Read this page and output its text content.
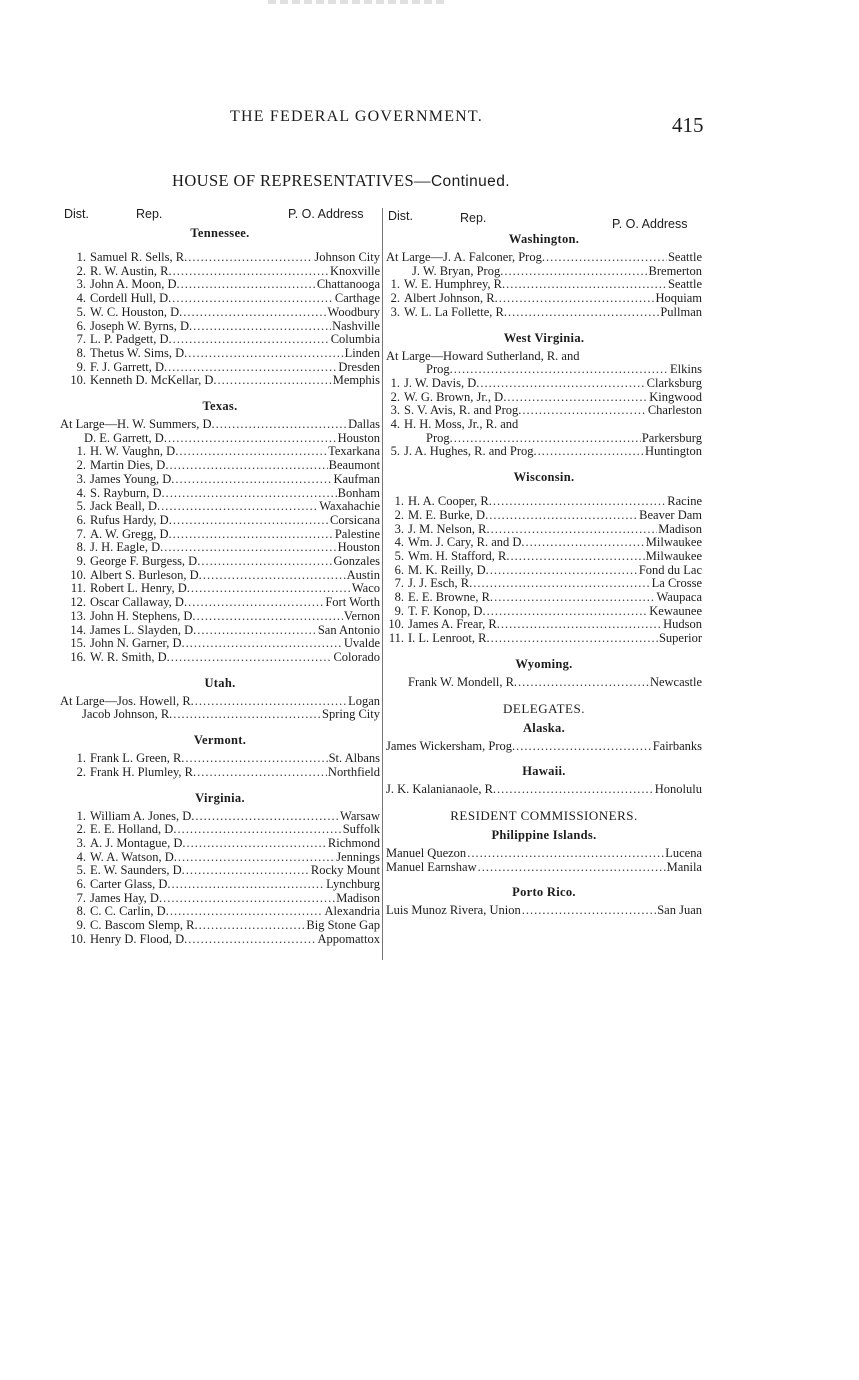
THE FEDERAL GOVERNMENT.	415
HOUSE OF REPRESENTATIVES—Continued.
Dist.	Rep.	P. O. Address Dist.	Rep.	P. O. Address
Tennessee.
1. Samuel R. Sells, R. .....	Johnson City
2. R. W. Austin, R. .....	Knoxville
3. John A. Moon, D. .....	Chattanooga
4. Cordell Hull, D. .....	Carthage
5. W. C. Houston, D. .....	Woodbury
6. Joseph W. Byrns, D. .....	Nashville
7. L. P. Padgett, D. .....	Columbia
8. Thetus W. Sims, D. .....	Linden
9. F. J. Garrett, D. .....	Dresden
10. Kenneth D. McKellar, D. .....	Memphis
Texas.
At Large—H. W. Summers, D. .....	Dallas
D. E. Garrett, D. .....	Houston
1. H. W. Vaughn, D. .....	Texarkana
2. Martin Dies, D. .....	Beaumont
3. James Young, D. .....	Kaufman
4. S. Rayburn, D. .....	Bonham
5. Jack Beall, D. .....	Waxahachie
6. Rufus Hardy, D. .....	Corsicana
7. A. W. Gregg, D. .....	Palestine
8. J. H. Eagle, D. .....	Houston
9. George F. Burgess, D. .....	Gonzales
10. Albert S. Burleson, D. .....	Austin
11. Robert L. Henry, D. .....	Waco
12. Oscar Callaway, D. .....	Fort Worth
13. John H. Stephens, D. .....	Vernon
14. James L. Slayden, D. .....	San Antonio
15. John N. Garner, D. .....	Uvalde
16. W. R. Smith, D. .....	Colorado
Utah.
At Large—Jos. Howell, R. .....	Logan
Jacob Johnson, R. .....	Spring City
Vermont.
1. Frank L. Green, R. .....	St. Albans
2. Frank H. Plumley, R. .....	Northfield
Virginia.
1. William A. Jones, D. .....	Warsaw
2. E. E. Holland, D. .....	Suffolk
3. A. J. Montague, D. .....	Richmond
4. W. A. Watson, D. .....	Jennings
5. E. W. Saunders, D. .....	Rocky Mount
6. Carter Glass, D. .....	Lynchburg
7. James Hay, D. .....	Madison
8. C. C. Carlin, D. .....	Alexandria
9. C. Bascom Slemp, R. .....	Big Stone Gap
10. Henry D. Flood, D. .....	Appomattox
Washington.
At Large—J. A. Falconer, Prog. .....	Seattle
J. W. Bryan, Prog. .....	Bremerton
1. W. E. Humphrey, R. .....	Seattle
2. Albert Johnson, R. .....	Hoquiam
3. W. L. La Follette, R. .....	Pullman
West Virginia.
At Large—Howard Sutherland, R. and
Prog. .....	Elkins
1. J. W. Davis, D. .....	Clarksburg
2. W. G. Brown, Jr., D. .....	Kingwood
3. S. V. Avis, R. and Prog. .....	Charleston
4. H. H. Moss, Jr., R. and
Prog. .....	Parkersburg
5. J. A. Hughes, R. and Prog. .....	Huntington
Wisconsin.
1. H. A. Cooper, R. .....	Racine
2. M. E. Burke, D. .....	Beaver Dam
3. J. M. Nelson, R. .....	Madison
4. Wm. J. Cary, R. and D. .....	Milwaukee
5. Wm. H. Stafford, R. .....	Milwaukee
6. M. K. Reilly, D. .....	Fond du Lac
7. J. J. Esch, R. .....	La Crosse
8. E. E. Browne, R. .....	Waupaca
9. T. F. Konop, D. .....	Kewaunee
10. James A. Frear, R. .....	Hudson
11. I. L. Lenroot, R. .....	Superior
Wyoming.
Frank W. Mondell, R. .....	Newcastle
DELEGATES.
Alaska.
James Wickersham, Prog. .....	Fairbanks
Hawaii.
J. K. Kalanianaole, R. .....	Honolulu
RESIDENT COMMISSIONERS.
Philippine Islands.
Manuel Quezon .....	Lucena
Manuel Earnshaw .....	Manila
Porto Rico.
Luis Munoz Rivera, Union .....	San Juan
